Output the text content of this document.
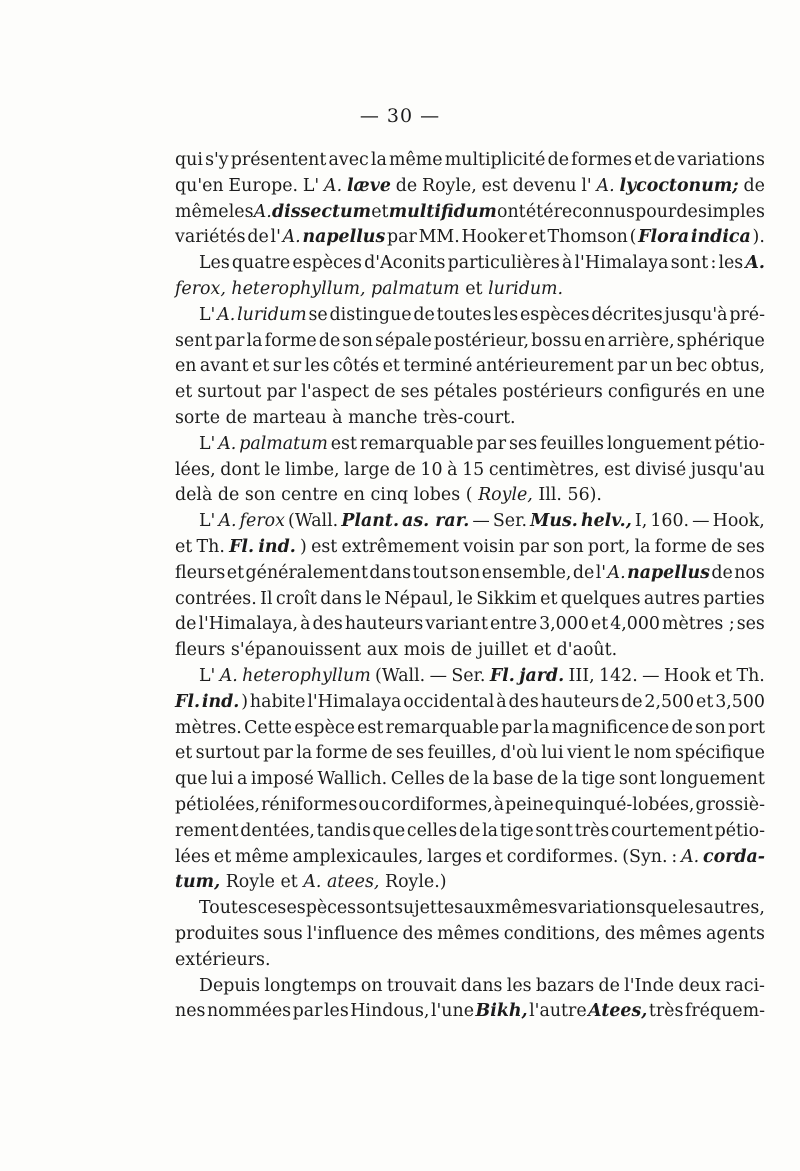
— 30 —
qui s'y présentent avec la même multiplicité de formes et de variations
qu'en Europe. L' A. læve de Royle, est devenu l' A. lycoctonum; de
même les A. dissectum et multifidum ont été reconnus pour de simples
variétés de l' A. napellus par MM. Hooker et Thomson ( Flora indica ).
Les quatre espèces d'Aconits particulières à l'Himalaya sont : les A.
ferox, heterophyllum, palmatum et luridum.
L' A. luridum se distingue de toutes les espèces décrites jusqu'à pré-
sent par la forme de son sépale postérieur, bossu en arrière, sphérique
en avant et sur les côtés et terminé antérieurement par un bec obtus,
et surtout par l'aspect de ses pétales postérieurs configurés en une
sorte de marteau à manche très-court.
L' A. palmatum est remarquable par ses feuilles longuement pétio-
lées, dont le limbe, large de 10 à 15 centimètres, est divisé jusqu'au
delà de son centre en cinq lobes ( Royle, Ill. 56).
L' A. ferox (Wall. Plant. as. rar. — Ser. Mus. helv., I, 160. — Hook,
et Th. Fl. ind. ) est extrêmement voisin par son port, la forme de ses
fleurs et généralement dans tout son ensemble, de l' A. napellus de nos
contrées. Il croît dans le Népaul, le Sikkim et quelques autres parties
de l'Himalaya, à des hauteurs variant entre 3,000 et 4,000 mètres ; ses
fleurs s'épanouissent aux mois de juillet et d'août.
L' A. heterophyllum (Wall. — Ser. Fl. jard. III, 142. — Hook et Th.
Fl. ind. ) habite l'Himalaya occidental à des hauteurs de 2,500 et 3,500
mètres. Cette espèce est remarquable par la magnificence de son port
et surtout par la forme de ses feuilles, d'où lui vient le nom spécifique
que lui a imposé Wallich. Celles de la base de la tige sont longuement
pétiolées, réniformes ou cordiformes, à peine quinqué-lobées, grossiè-
rement dentées, tandis que celles de la tige sont très courtement pétio-
lées et même amplexicaules, larges et cordiformes. (Syn. : A. corda-
tum, Royle et A. atees, Royle.)
Toutes ces espèces sont sujettes aux mêmes variations que les autres,
produites sous l'influence des mêmes conditions, des mêmes agents
extérieurs.
Depuis longtemps on trouvait dans les bazars de l'Inde deux raci-
nes nommées par les Hindous, l'une Bikh, l'autre Atees, très fréquem-
